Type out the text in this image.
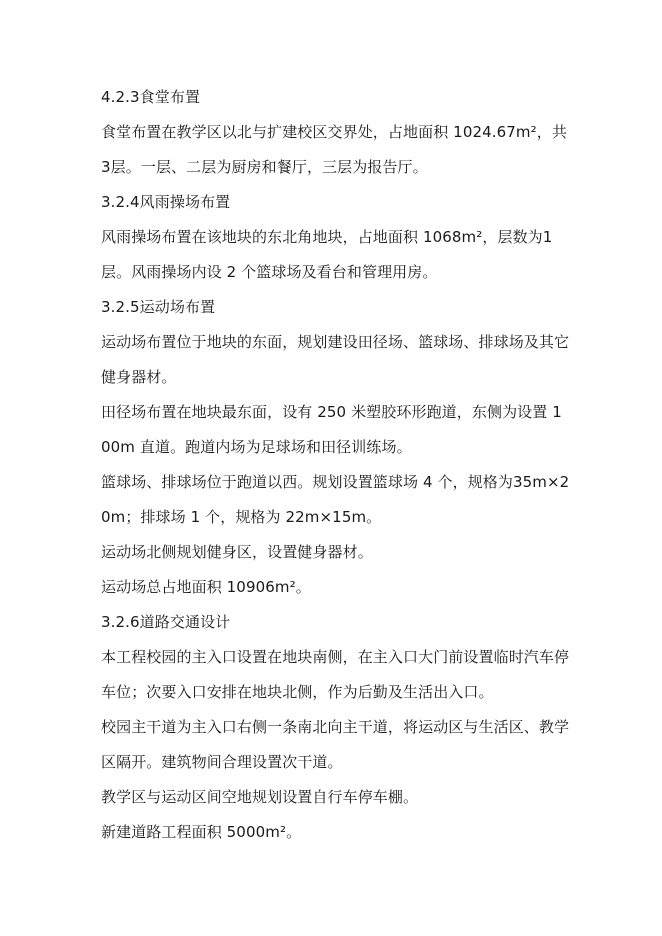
4.2.3食堂布置

食堂布置在教学区以北与扩建校区交界处，占地面积 1024.67m²，共3层。一层、二层为厨房和餐厅，三层为报告厅。

3.2.4风雨操场布置

风雨操场布置在该地块的东北角地块，占地面积 1068m²，层数为1层。风雨操场内设 2 个篮球场及看台和管理用房。

3.2.5运动场布置

运动场布置位于地块的东面，规划建设田径场、篮球场、排球场及其它健身器材。

田径场布置在地块最东面，设有 250 米塑胶环形跑道，东侧为设置 100m 直道。跑道内场为足球场和田径训练场。

篮球场、排球场位于跑道以西。规划设置篮球场 4 个，规格为35m×20m；排球场 1 个，规格为 22m×15m。

运动场北侧规划健身区，设置健身器材。

运动场总占地面积 10906m²。

3.2.6道路交通设计

本工程校园的主入口设置在地块南侧，在主入口大门前设置临时汽车停车位；次要入口安排在地块北侧，作为后勤及生活出入口。

校园主干道为主入口右侧一条南北向主干道，将运动区与生活区、教学区隔开。建筑物间合理设置次干道。

教学区与运动区间空地规划设置自行车停车棚。

新建道路工程面积 5000m²。
